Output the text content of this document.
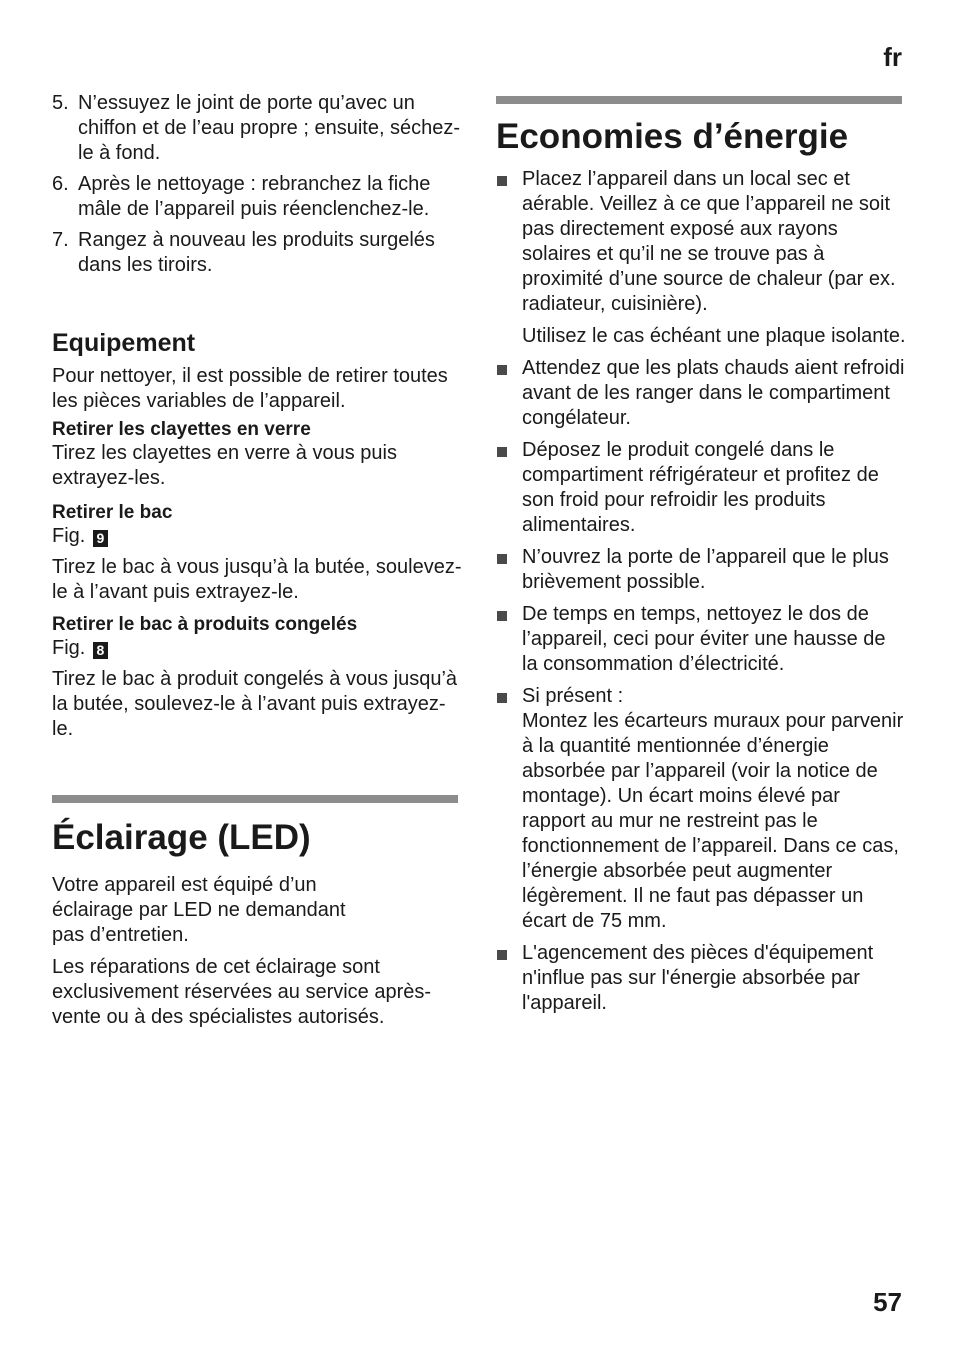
fr
5. N’essuyez le joint de porte qu’avec un chiffon et de l’eau propre ; ensuite, séchez-le à fond.
6. Après le nettoyage : rebranchez la fiche mâle de l’appareil puis réenclenchez-le.
7. Rangez à nouveau les produits surgelés dans les tiroirs.
Equipement
Pour nettoyer, il est possible de retirer toutes les pièces variables de l’appareil.
Retirer les clayettes en verre
Tirez les clayettes en verre à vous puis extrayez-les.
Retirer le bac
Fig. 9
Tirez le bac à vous jusqu’à la butée, soulevez-le à l’avant puis extrayez-le.
Retirer le bac à produits congelés
Fig. 8
Tirez le bac à produit congelés à vous jusqu’à la butée, soulevez-le à l’avant puis extrayez-le.
Éclairage (LED)
Votre appareil est équipé d’un éclairage par LED ne demandant pas d’entretien.
Les réparations de cet éclairage sont exclusivement réservées au service après-vente ou à des spécialistes autorisés.
Economies d’énergie
Placez l’appareil dans un local sec et aérable. Veillez à ce que l’appareil ne soit pas directement exposé aux rayons solaires et qu’il ne se trouve pas à proximité d’une source de chaleur (par ex. radiateur, cuisinière).
Utilisez le cas échéant une plaque isolante.
Attendez que les plats chauds aient refroidi avant de les ranger dans le compartiment congélateur.
Déposez le produit congelé dans le compartiment réfrigérateur et profitez de son froid pour refroidir les produits alimentaires.
N’ouvrez la porte de l’appareil que le plus brièvement possible.
De temps en temps, nettoyez le dos de l’appareil, ceci pour éviter une hausse de la consommation d’électricité.
Si présent :
Montez les écarteurs muraux pour parvenir à la quantité mentionnée d’énergie absorbée par l’appareil (voir la notice de montage). Un écart moins élevé par rapport au mur ne restreint pas le fonctionnement de l’appareil. Dans ce cas, l’énergie absorbée peut augmenter légèrement. Il ne faut pas dépasser un écart de 75 mm.
L'agencement des pièces d'équipement n'influe pas sur l'énergie absorbée par l'appareil.
57
